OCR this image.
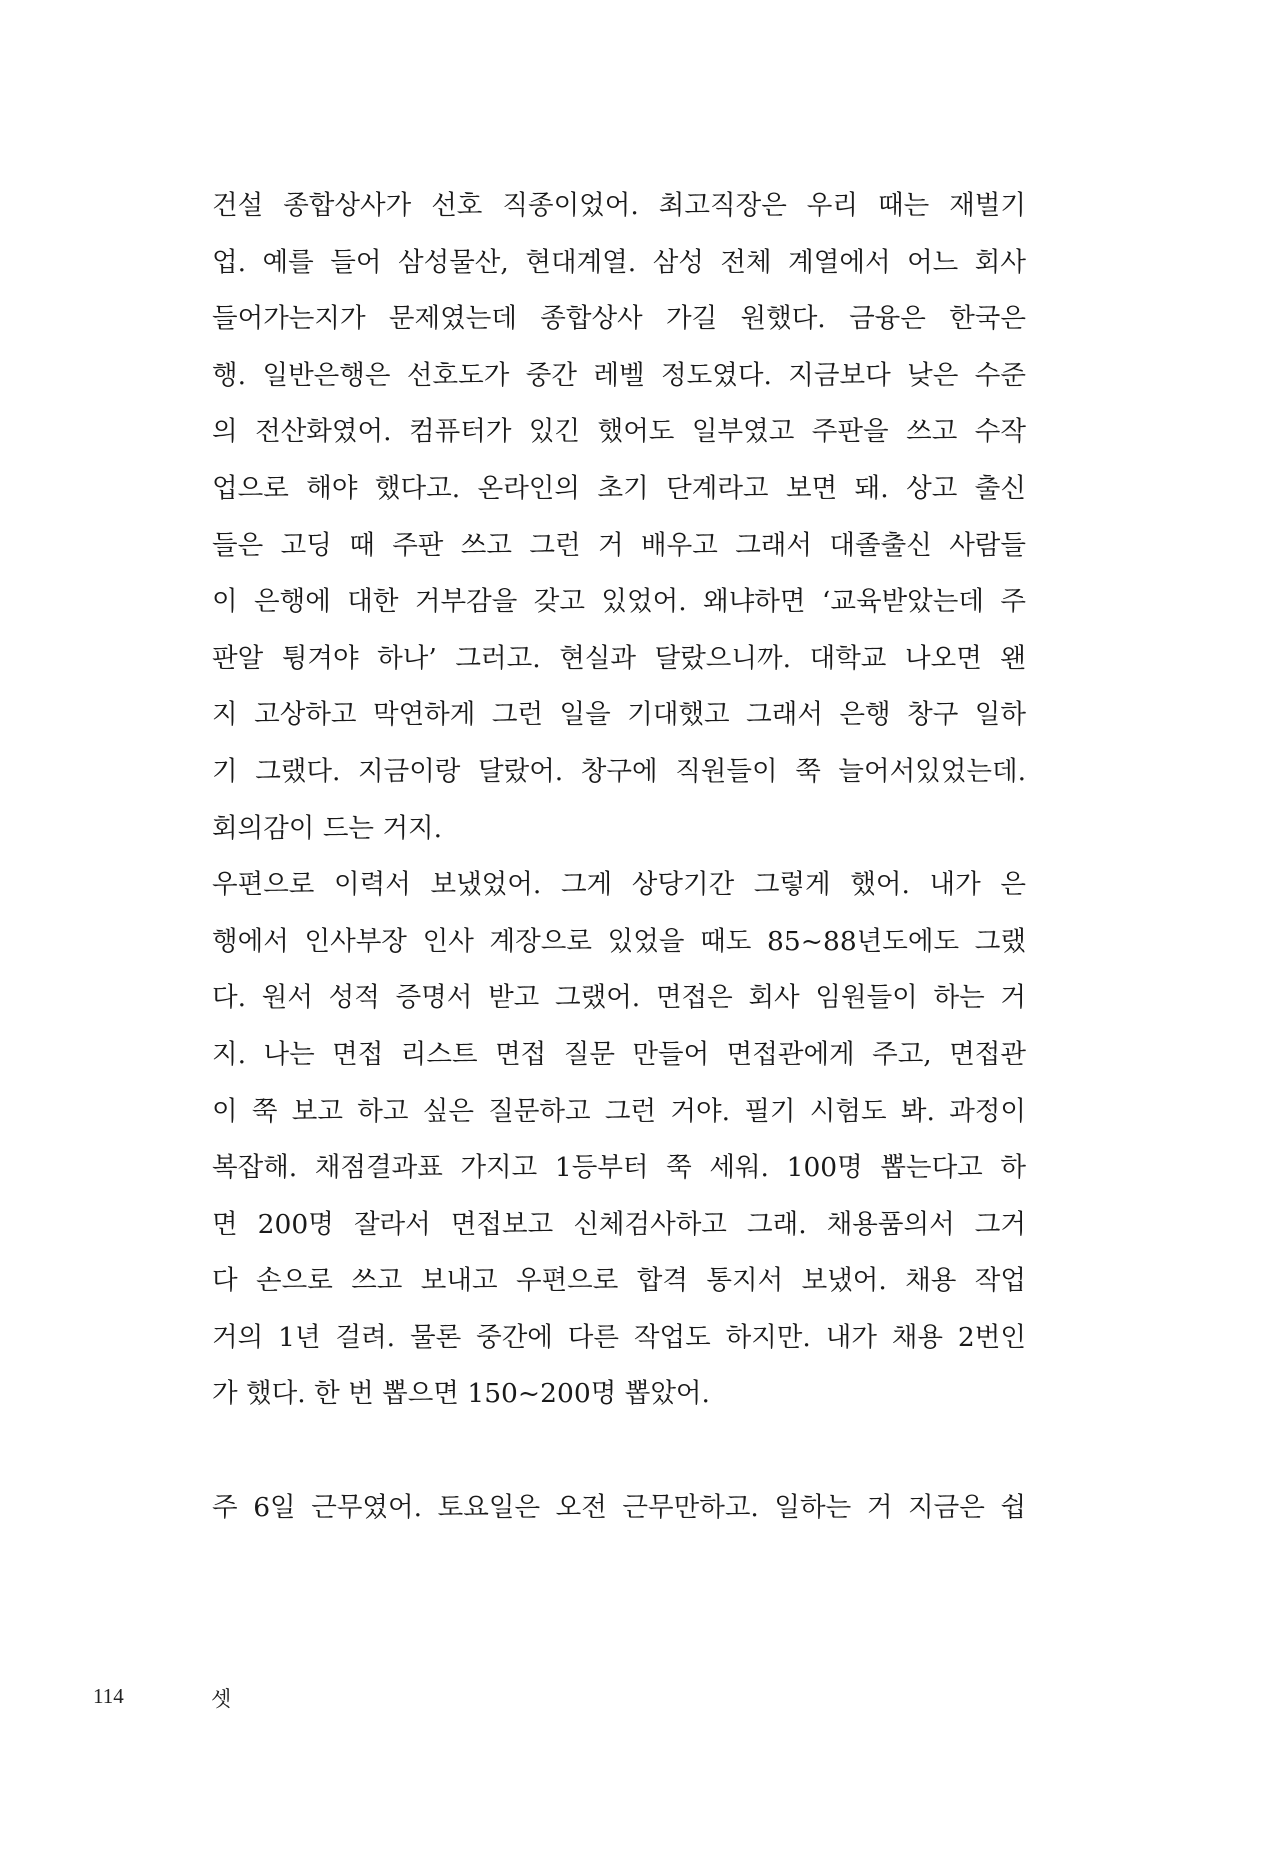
건설 종합상사가 선호 직종이었어. 최고직장은 우리 때는 재벌기
업. 예를 들어 삼성물산, 현대계열. 삼성 전체 계열에서 어느 회사
들어가는지가 문제였는데 종합상사 가길 원했다. 금융은 한국은
행. 일반은행은 선호도가 중간 레벨 정도였다. 지금보다 낮은 수준
의 전산화였어. 컴퓨터가 있긴 했어도 일부였고 주판을 쓰고 수작
업으로 해야 했다고. 온라인의 초기 단계라고 보면 돼. 상고 출신
들은 고딩 때 주판 쓰고 그런 거 배우고 그래서 대졸출신 사람들
이 은행에 대한 거부감을 갖고 있었어. 왜냐하면 ‘교육받았는데 주
판알 튕겨야 하나’ 그러고. 현실과 달랐으니까. 대학교 나오면 왠
지 고상하고 막연하게 그런 일을 기대했고 그래서 은행 창구 일하
기 그랬다. 지금이랑 달랐어. 창구에 직원들이 쭉 늘어서있었는데.
회의감이 드는 거지.
우편으로 이력서 보냈었어. 그게 상당기간 그렇게 했어. 내가 은
행에서 인사부장 인사 계장으로 있었을 때도 85~88년도에도 그랬
다. 원서 성적 증명서 받고 그랬어. 면접은 회사 임원들이 하는 거
지. 나는 면접 리스트 면접 질문 만들어 면접관에게 주고, 면접관
이 쭉 보고 하고 싶은 질문하고 그런 거야. 필기 시험도 봐. 과정이
복잡해. 채점결과표 가지고 1등부터 쭉 세워. 100명 뽑는다고 하
면 200명 잘라서 면접보고 신체검사하고 그래. 채용품의서 그거
다 손으로 쓰고 보내고 우편으로 합격 통지서 보냈어. 채용 작업
거의 1년 걸려. 물론 중간에 다른 작업도 하지만. 내가 채용 2번인
가 했다. 한 번 뽑으면 150~200명 뽑았어.
주 6일 근무였어. 토요일은 오전 근무만하고. 일하는 거 지금은 쉽
114	셋
